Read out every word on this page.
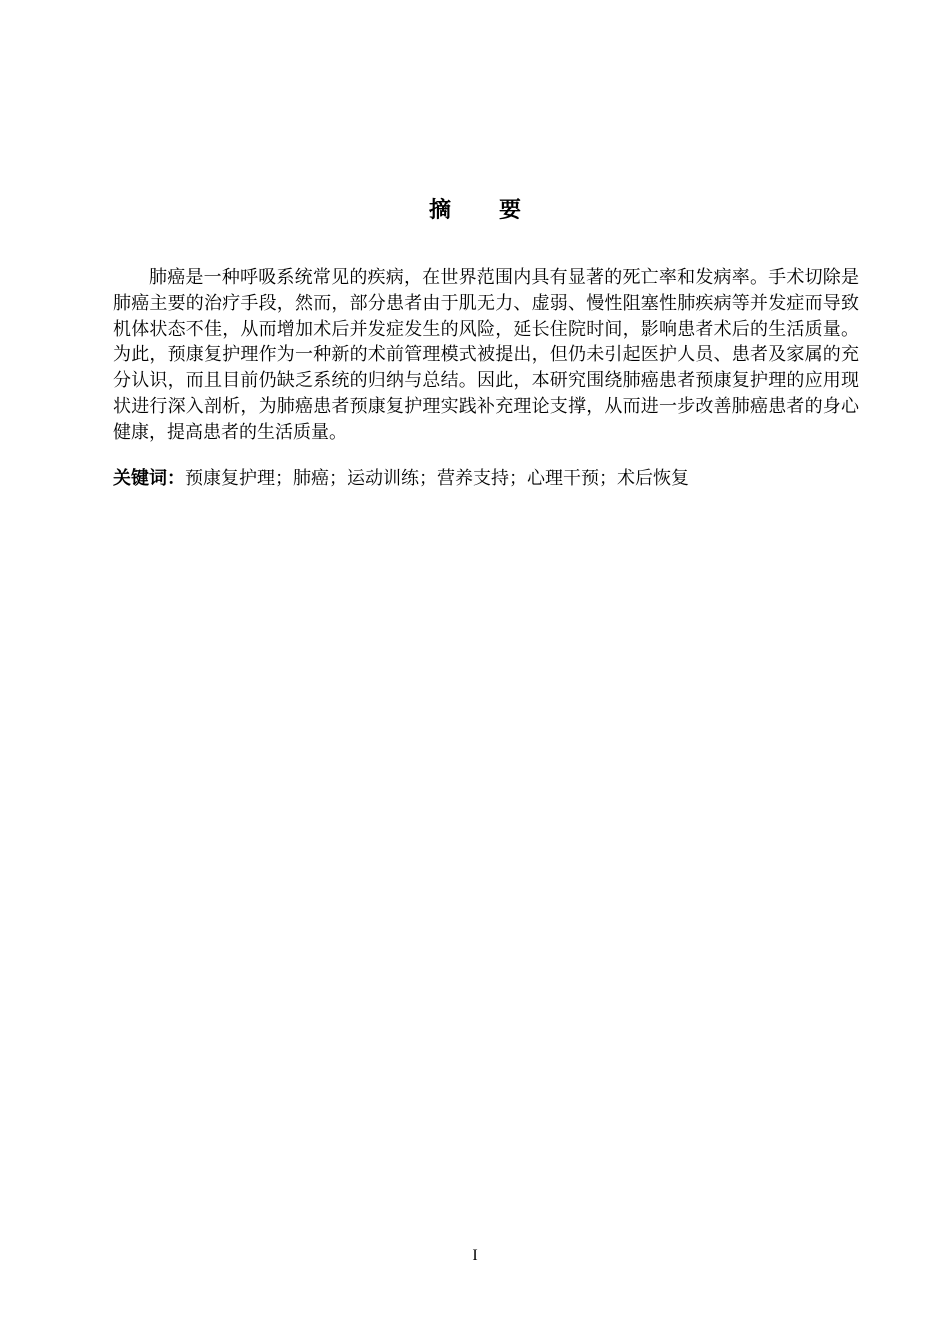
摘要

肺癌是一种呼吸系统常见的疾病，在世界范围内具有显著的死亡率和发病率。手术切除是肺癌主要的治疗手段，然而，部分患者由于肌无力、虚弱、慢性阻塞性肺疾病等并发症而导致机体状态不佳，从而增加术后并发症发生的风险，延长住院时间，影响患者术后的生活质量。为此，预康复护理作为一种新的术前管理模式被提出，但仍未引起医护人员、患者及家属的充分认识，而且目前仍缺乏系统的归纳与总结。因此，本研究围绕肺癌患者预康复护理的应用现状进行深入剖析，为肺癌患者预康复护理实践补充理论支撑，从而进一步改善肺癌患者的身心健康，提高患者的生活质量。

关键词：预康复护理；肺癌；运动训练；营养支持；心理干预；术后恢复

I
